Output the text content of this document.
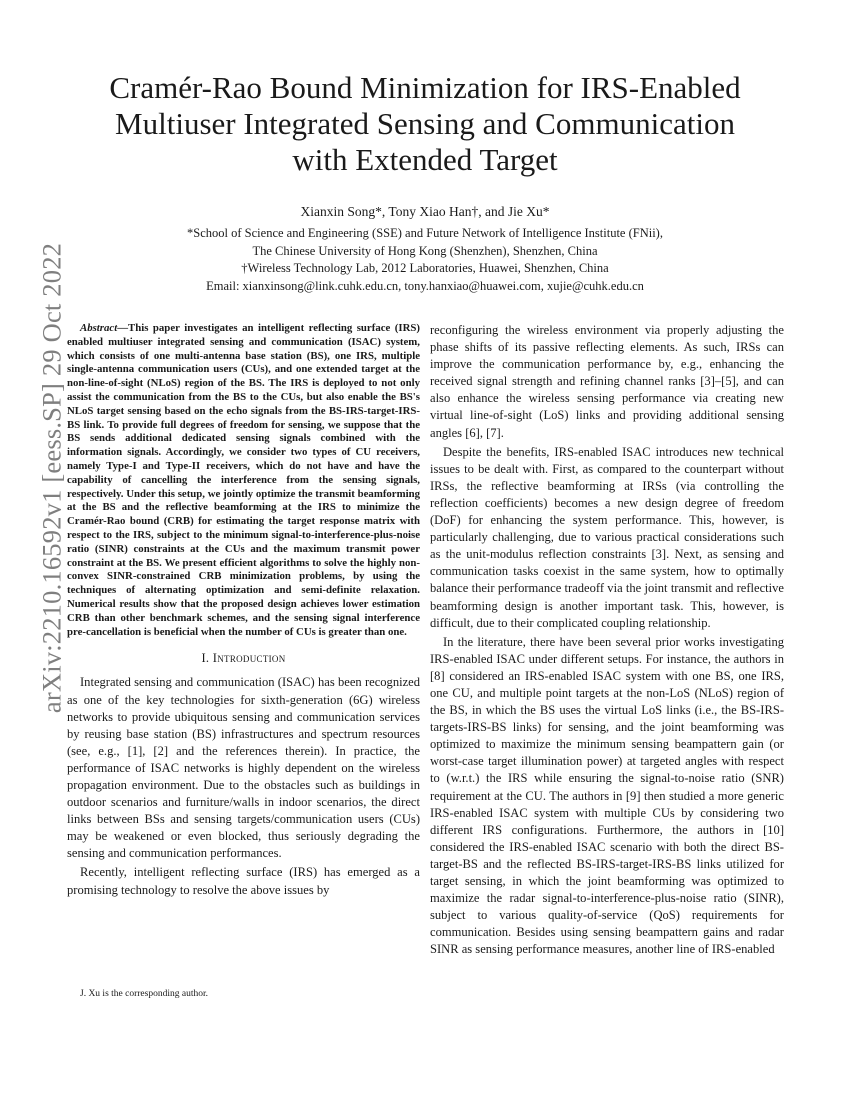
arXiv:2210.16592v1 [eess.SP] 29 Oct 2022
Cramér-Rao Bound Minimization for IRS-Enabled
Multiuser Integrated Sensing and Communication
with Extended Target
Xianxin Song*, Tony Xiao Han†, and Jie Xu*
*School of Science and Engineering (SSE) and Future Network of Intelligence Institute (FNii),
The Chinese University of Hong Kong (Shenzhen), Shenzhen, China
†Wireless Technology Lab, 2012 Laboratories, Huawei, Shenzhen, China
Email: xianxinsong@link.cuhk.edu.cn, tony.hanxiao@huawei.com, xujie@cuhk.edu.cn

Abstract—This paper investigates an intelligent reflecting surface (IRS) enabled multiuser integrated sensing and communication (ISAC) system, which consists of one multi-antenna base station (BS), one IRS, multiple single-antenna communication users (CUs), and one extended target at the non-line-of-sight (NLoS) region of the BS. The IRS is deployed to not only assist the communication from the BS to the CUs, but also enable the BS's NLoS target sensing based on the echo signals from the BS-IRS-target-IRS-BS link. To provide full degrees of freedom for sensing, we suppose that the BS sends additional dedicated sensing signals combined with the information signals. Accordingly, we consider two types of CU receivers, namely Type-I and Type-II receivers, which do not have and have the capability of cancelling the interference from the sensing signals, respectively. Under this setup, we jointly optimize the transmit beamforming at the BS and the reflective beamforming at the IRS to minimize the Cramér-Rao bound (CRB) for estimating the target response matrix with respect to the IRS, subject to the minimum signal-to-interference-plus-noise ratio (SINR) constraints at the CUs and the maximum transmit power constraint at the BS. We present efficient algorithms to solve the highly non-convex SINR-constrained CRB minimization problems, by using the techniques of alternating optimization and semi-definite relaxation. Numerical results show that the proposed design achieves lower estimation CRB than other benchmark schemes, and the sensing signal interference pre-cancellation is beneficial when the number of CUs is greater than one.

I. Introduction

Integrated sensing and communication (ISAC) has been recognized as one of the key technologies for sixth-generation (6G) wireless networks to provide ubiquitous sensing and communication services by reusing base station (BS) infrastructures and spectrum resources (see, e.g., [1], [2] and the references therein). In practice, the performance of ISAC networks is highly dependent on the wireless propagation environment. Due to the obstacles such as buildings in outdoor scenarios and furniture/walls in indoor scenarios, the direct links between BSs and sensing targets/communication users (CUs) may be weakened or even blocked, thus seriously degrading the sensing and communication performances.

Recently, intelligent reflecting surface (IRS) has emerged as a promising technology to resolve the above issues by

J. Xu is the corresponding author.

reconfiguring the wireless environment via properly adjusting the phase shifts of its passive reflecting elements. As such, IRSs can improve the communication performance by, e.g., enhancing the received signal strength and refining channel ranks [3]–[5], and can also enhance the wireless sensing performance via creating new virtual line-of-sight (LoS) links and providing additional sensing angles [6], [7].

Despite the benefits, IRS-enabled ISAC introduces new technical issues to be dealt with. First, as compared to the counterpart without IRSs, the reflective beamforming at IRSs (via controlling the reflection coefficients) becomes a new design degree of freedom (DoF) for enhancing the system performance. This, however, is particularly challenging, due to various practical considerations such as the unit-modulus reflection constraints [3]. Next, as sensing and communication tasks coexist in the same system, how to optimally balance their performance tradeoff via the joint transmit and reflective beamforming design is another important task. This, however, is difficult, due to their complicated coupling relationship.

In the literature, there have been several prior works investigating IRS-enabled ISAC under different setups. For instance, the authors in [8] considered an IRS-enabled ISAC system with one BS, one IRS, one CU, and multiple point targets at the non-LoS (NLoS) region of the BS, in which the BS uses the virtual LoS links (i.e., the BS-IRS-targets-IRS-BS links) for sensing, and the joint beamforming was optimized to maximize the minimum sensing beampattern gain (or worst-case target illumination power) at targeted angles with respect to (w.r.t.) the IRS while ensuring the signal-to-noise ratio (SNR) requirement at the CU. The authors in [9] then studied a more generic IRS-enabled ISAC system with multiple CUs by considering two different IRS configurations. Furthermore, the authors in [10] considered the IRS-enabled ISAC scenario with both the direct BS-target-BS and the reflected BS-IRS-target-IRS-BS links utilized for target sensing, in which the joint beamforming was optimized to maximize the radar signal-to-interference-plus-noise ratio (SINR), subject to various quality-of-service (QoS) requirements for communication. Besides using sensing beampattern gains and radar SINR as sensing performance measures, another line of IRS-enabled
